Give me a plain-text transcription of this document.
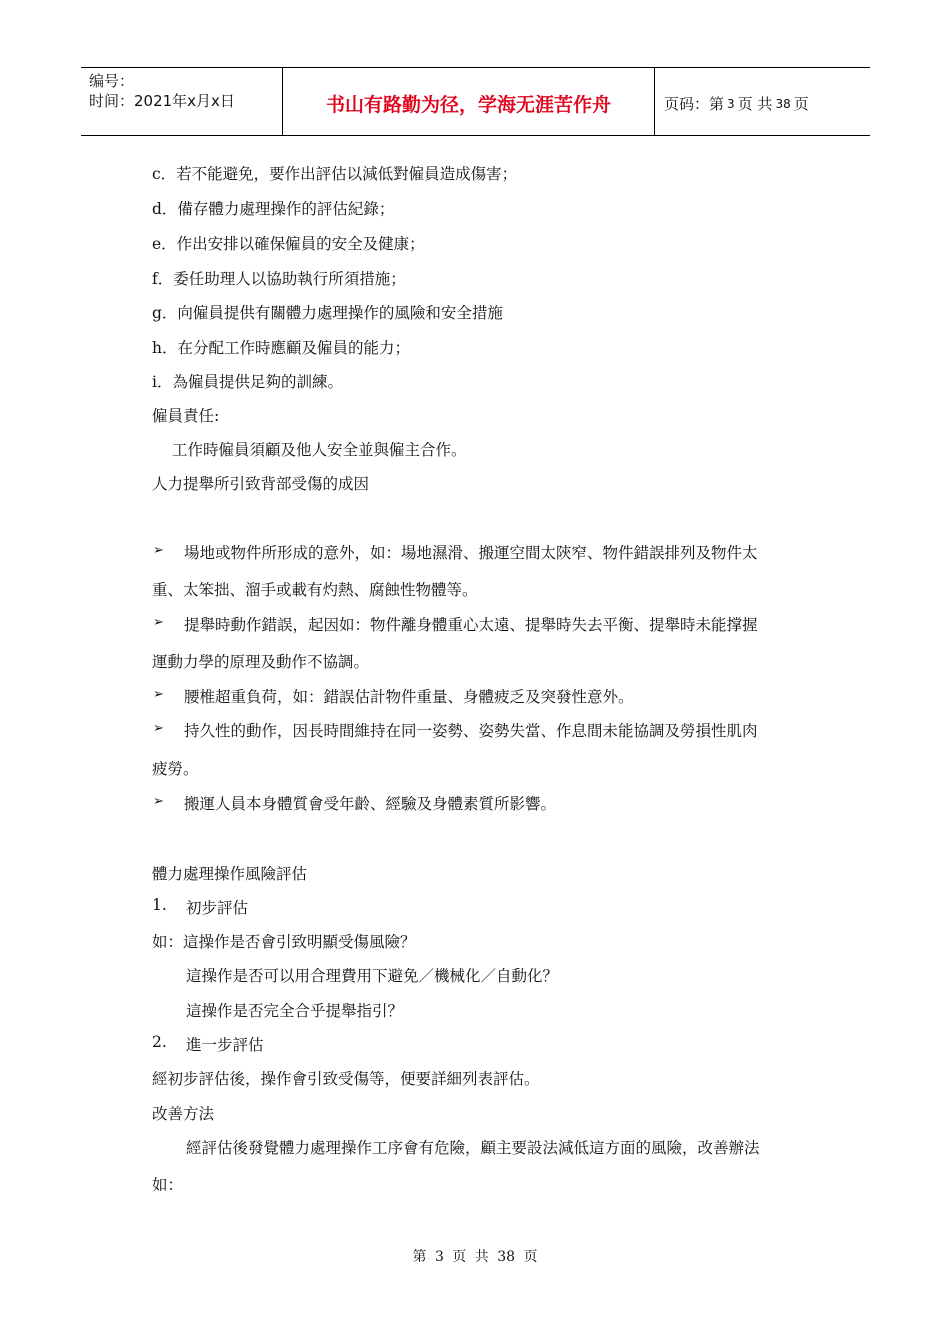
编号：
时间：2021年x月x日	书山有路勤为径，学海无涯苦作舟	页码：第 3 页 共 38 页
c．若不能避免，要作出評估以減低對僱員造成傷害；
d．備存體力處理操作的評估紀錄；
e．作出安排以確保僱員的安全及健康；
f．委任助理人以協助執行所須措施；
g．向僱員提供有關體力處理操作的風險和安全措施
h．在分配工作時應顧及僱員的能力；
i．為僱員提供足夠的訓練。
僱員責任:
工作時僱員須顧及他人安全並與僱主合作。
人力提舉所引致背部受傷的成因
➢ 場地或物件所形成的意外，如：場地濕滑、搬運空間太陝窄、物件錯誤排列及物件太
重、太笨拙、溜手或載有灼熱、腐蝕性物體等。
➢ 提舉時動作錯誤，起因如：物件離身體重心太遠、提舉時失去平衡、提舉時未能撑握
運動力學的原理及動作不協調。
➢ 腰椎超重負荷，如：錯誤估計物件重量、身體疲乏及突發性意外。
➢ 持久性的動作，因長時間維持在同一姿勢、姿勢失當、作息間未能協調及勞損性肌肉
疲勞。
➢ 搬運人員本身體質會受年齡、經驗及身體素質所影響。
體力處理操作風險評估
1. 初步評估
如：這操作是否會引致明顯受傷風險？
這操作是否可以用合理費用下避免／機械化／自動化？
這操作是否完全合乎提舉指引？
2. 進一步評估
經初步評估後，操作會引致受傷等，便要詳細列表評估。
改善方法
經評估後發覺體力處理操作工序會有危險，顧主要設法減低這方面的風險，改善辦法
如：
第 3 页 共 38 页
